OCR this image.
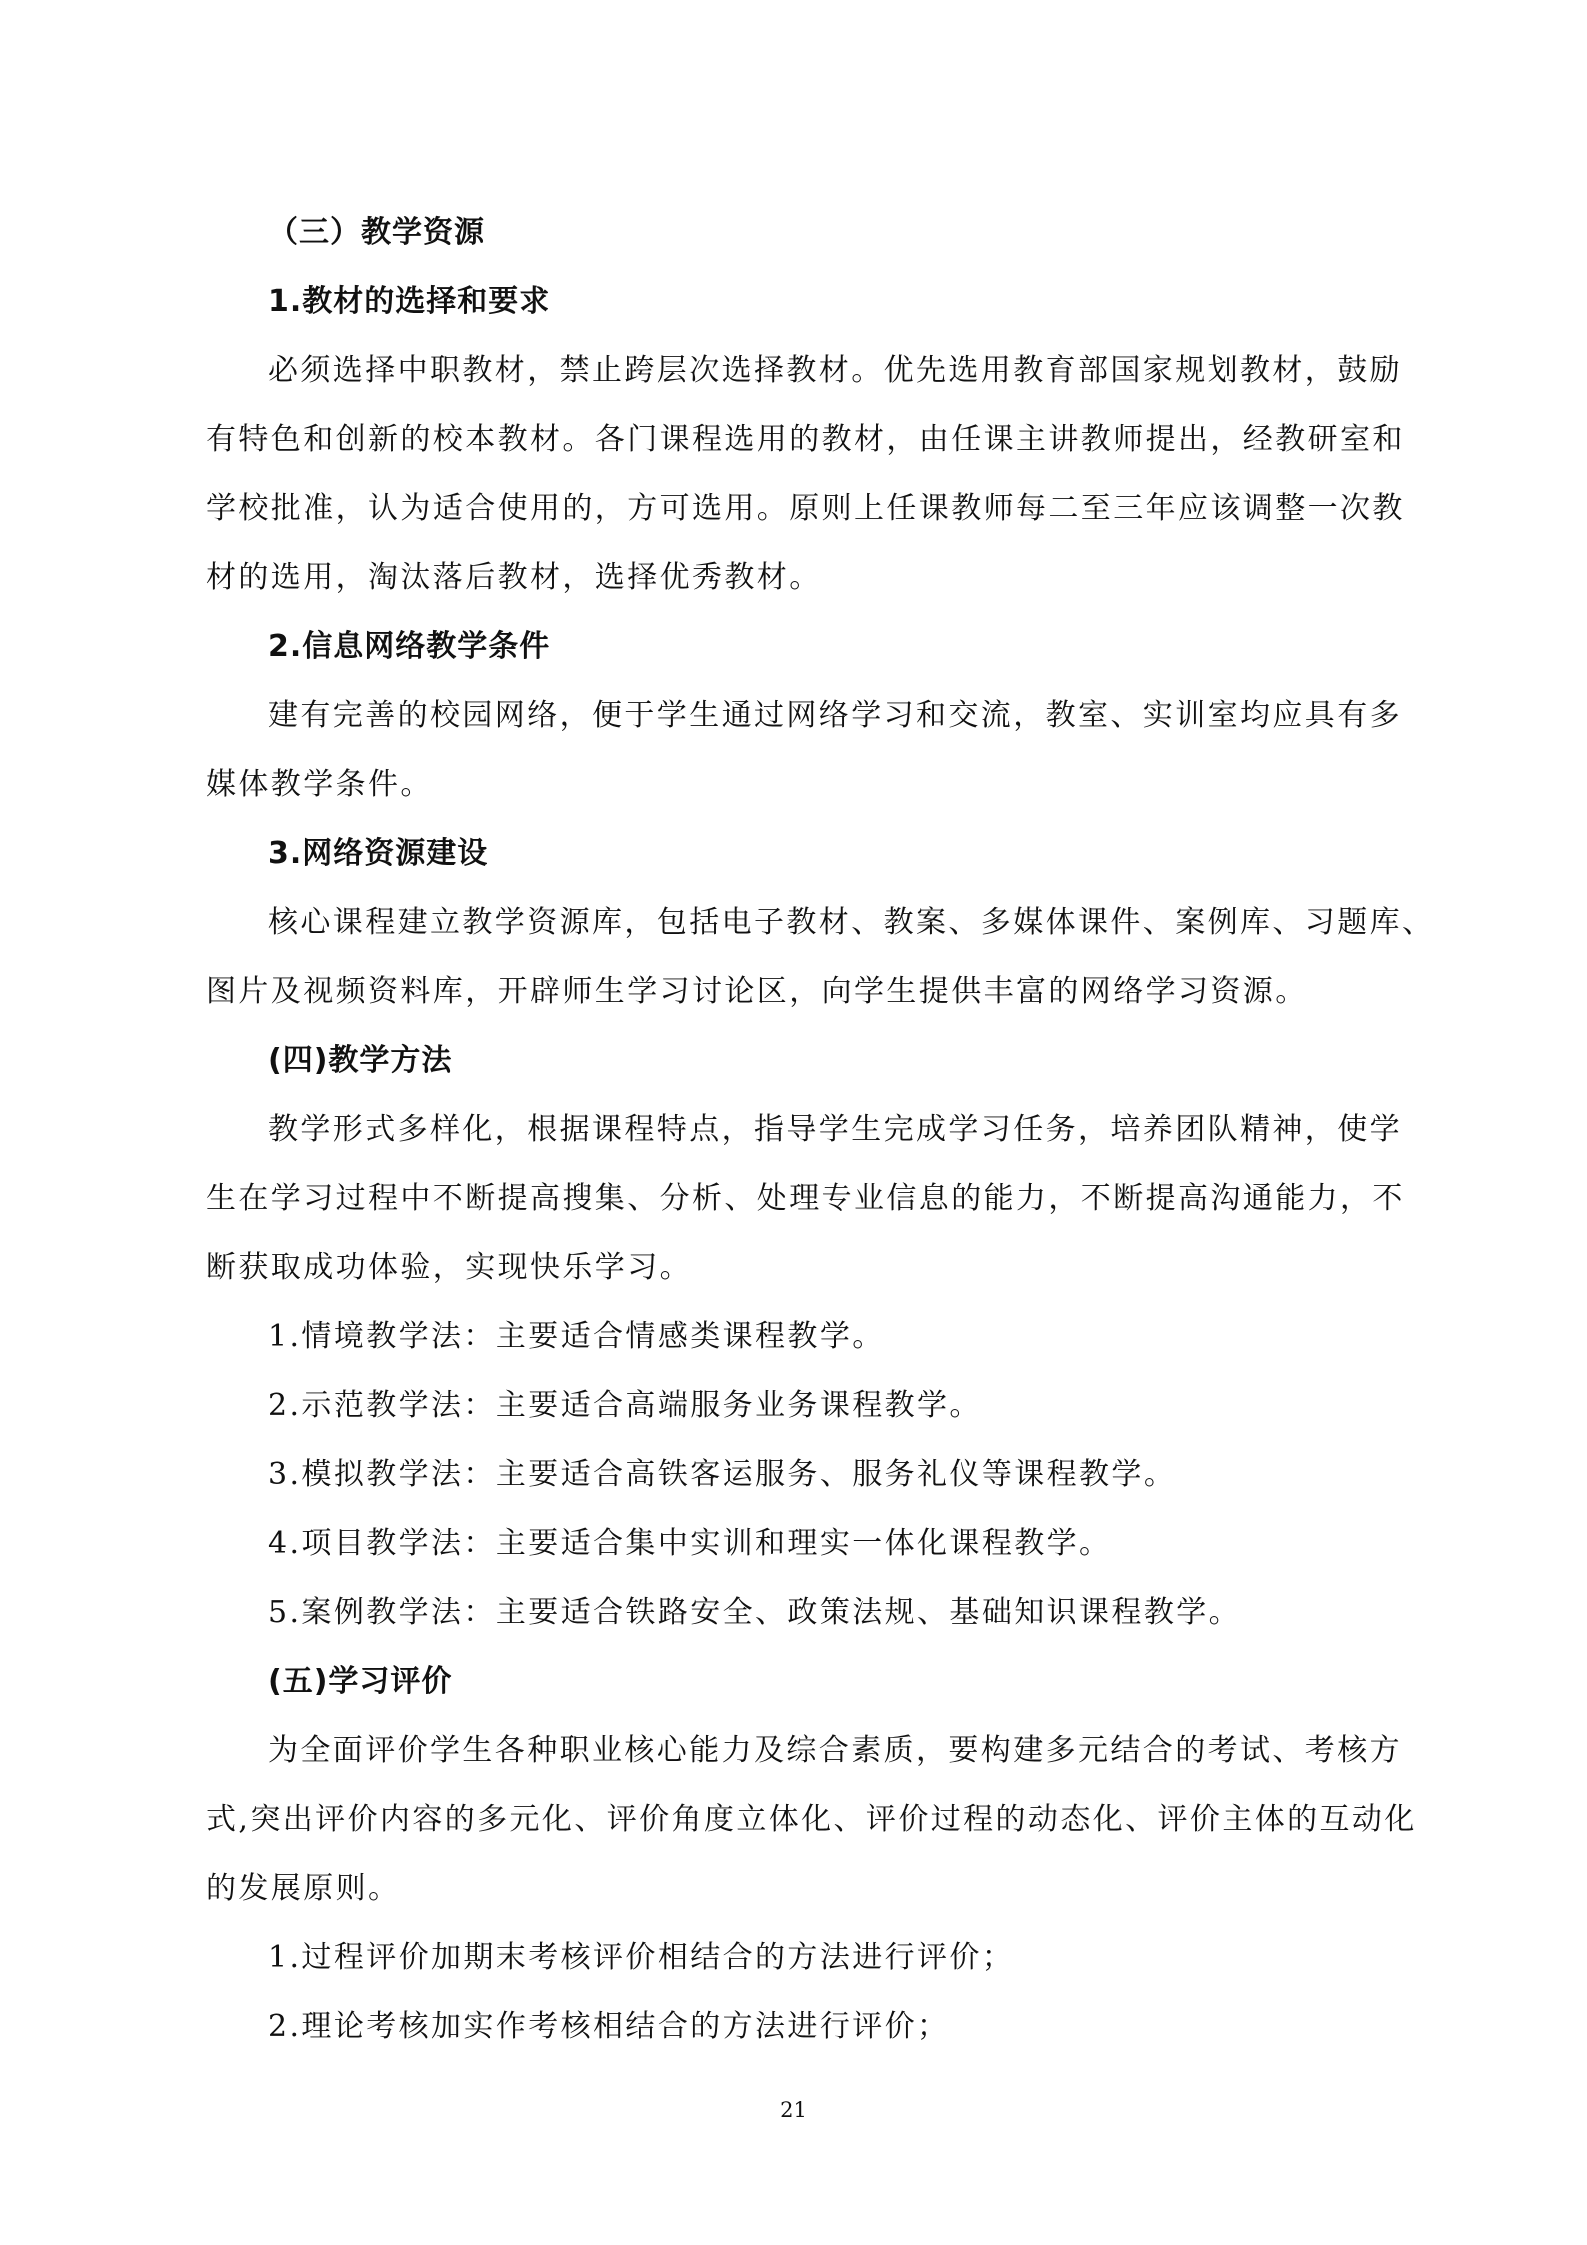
（三）教学资源

1.教材的选择和要求

必须选择中职教材，禁止跨层次选择教材。优先选用教育部国家规划教材，鼓励

有特色和创新的校本教材。各门课程选用的教材，由任课主讲教师提出，经教研室和

学校批准，认为适合使用的，方可选用。原则上任课教师每二至三年应该调整一次教

材的选用，淘汰落后教材，选择优秀教材。

2.信息网络教学条件

建有完善的校园网络，便于学生通过网络学习和交流，教室、实训室均应具有多

媒体教学条件。

3.网络资源建设

核心课程建立教学资源库，包括电子教材、教案、多媒体课件、案例库、习题库、

图片及视频资料库，开辟师生学习讨论区，向学生提供丰富的网络学习资源。

(四)教学方法

教学形式多样化，根据课程特点，指导学生完成学习任务，培养团队精神，使学

生在学习过程中不断提高搜集、分析、处理专业信息的能力，不断提高沟通能力，不

断获取成功体验，实现快乐学习。

1.情境教学法：主要适合情感类课程教学。

2.示范教学法：主要适合高端服务业务课程教学。

3.模拟教学法：主要适合高铁客运服务、服务礼仪等课程教学。

4.项目教学法：主要适合集中实训和理实一体化课程教学。

5.案例教学法：主要适合铁路安全、政策法规、基础知识课程教学。

(五)学习评价

为全面评价学生各种职业核心能力及综合素质，要构建多元结合的考试、考核方

式,突出评价内容的多元化、评价角度立体化、评价过程的动态化、评价主体的互动化

的发展原则。

1.过程评价加期末考核评价相结合的方法进行评价；

2.理论考核加实作考核相结合的方法进行评价；

21
